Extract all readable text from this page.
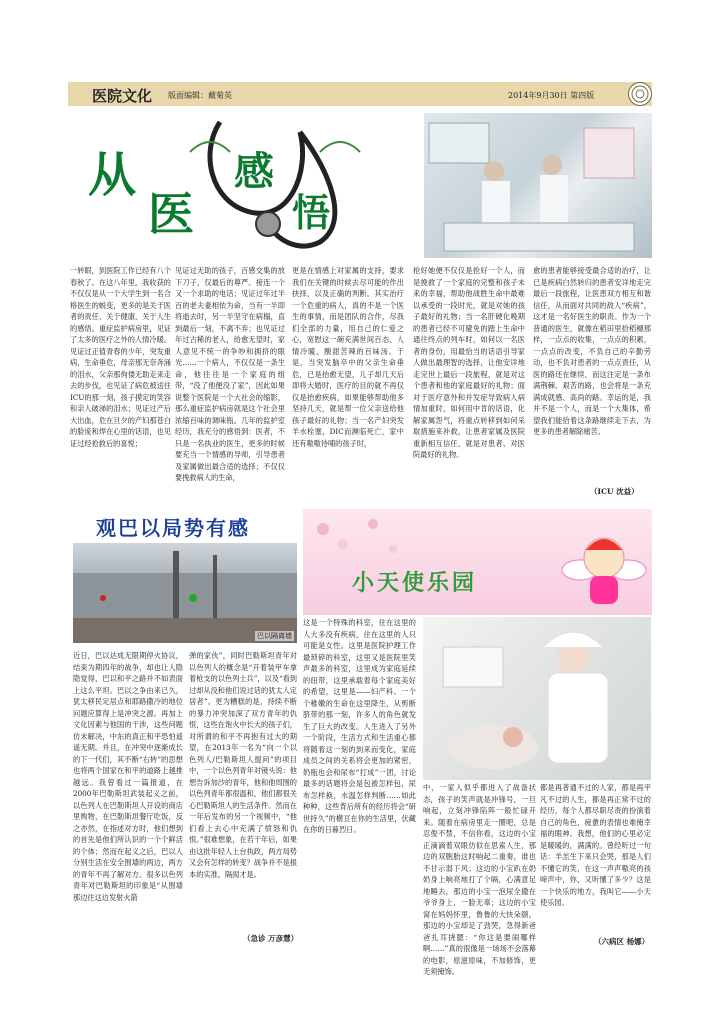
医院文化 版面编辑：戴菊英	2014年9月30日 第四版
从
医
感
悟
一转眼，到医院工作已经有八个春秋了。在这八年里，我收获的不仅仅是从一个大学生到一名合格医生的蜕变，更多的是关于医者的责任、关于健康、关于人生的感悟。重症监护病房里，见证了太多的医疗之外的人情冷暖。见证过正值青春的少年，突发重病，生命垂危，母亲那无奈奔涌的泪水，父亲那佝偻无助走来走去的步伐，也见证了病危被送往ICU的那一刻，孩子摸定的笑容和亲人破涕的泪水；见证过产后大出血，危在旦夕的产妇那苍白的脸庞和焊在心里的话语，也见证过经抢救后的喜悦；
见证过无助的孩子，百感交集的放下刀子，仅最后的尊严。接连一个又一个求助的电话；见证过年过半百的老夫妻相依为命，当有一半即将逝去时，另一半坚守在病榻，直到最后一刻，不离不弃；也见证过年过古稀的老人，给愈无望时，家人意见不统一的争吵和拥挤的眼光……一个病人，不仅仅是一条生命，他往往是一个家庭的组带，“没了他便没了家”，因此如果说整个医院是一个大社会的缩影，那么重症监护病房就是这个社会里浓缩百味的调味瓶。几年的监护室经历，我充分的感悟到：医者，不只是一名执业的医生，更多的时候要充当一个情感的导师，引导患者及家属做出最合适的选择；不仅仅要挽救病人的生命，
更是在情感上对家属的支持，要求我们在关键的时候去尽可能的作出抉择，以及正确的判断。其实治疗一个危重的病人，真的不是一个医生的事情，而是团队的合作，尽我们全部的力量，用自己的仁爱之心，宽慰这一碗充满世间百态、人情冷暖、酸甜苦辣的百味汤。于是，当突发脑卒中的父亲生命垂危，已是抬愈无望，儿子却几天后即将大婚时，医疗的目的就不再仅仅是抬愈疾病，如果能够帮助他多坚持几天，就是帮一位父亲送给他孩子最好的礼物；当一名产妇突发羊水栓塞，DIC而濒临死亡，家中还有嗷嗷待哺的孩子时，
抢好她便不仅仅是抢好一个人，而是挽救了一个家庭的完整和孩子未来的幸福，帮助他战胜生命中最难以承受的一段时光，就是对她的孩子最好的礼物；当一名肝硬化晚期的患者已经不可避免的踏上生命中通往终点的列车时，如何以一名医者的身份，用最恰当的话语引导家人做出最理智的选择，让他安详地走完世上最后一段旅程，就是对这个患者和他的家庭最好的礼物；面对于医疗意外和并发症导致病人病情加重时，如何用中肯的话语，化解家属怨气，将重点转移到如何采取措施来补救，让患者家属及医院重新相互信任，就是对患者、对医院最好的礼物。
愈的患者能够接受最合适的治疗，让已是疾病白然转归的患者安详地走完最后一段旅程，让医患双方相互和谐信任，从而面对共同的敌人“疾病”，这才是一名好医生的职责。作为一个普通的医生，就像在稻田里拾稻穗那样，一点点的收集，一点点的积累，一点点的改变，不负自己的辛勤劳动，也不负对患者的一点点责任，从医的路还在继续，而这注定是一条布满荆棘、艰苦的路，也会将是一条充满成就感、高尚的路。幸运的是，我并不是一个人，而是一个大集体，希望我们能拾着这条路继续走下去，为更多的患者解除痛苦。
（ICU 沈益）
观巴以局势有感
巴以隔离墙
近日，巴以达成无限期停火协议，结束为期四年的战争，却也让人隐隐觉得，巴以和平之路并不如表面上这么平坦。巴以之争由来已久，犹太移民定居点和耶路撒冷的地位问题应算得上是冲突之源。再加上文化因素与他国的干涉，这些问题仿未解决，中东的真正和平恐怕遥遥无期。并且，在冲突中逐渐成长的下一代们，其不断“右转”的思想也将两个国家在和平的道路上越推越远。我曾看过一篇报道，在2000年巴勒斯坦武装起义之前，以色列人在巴勒斯坦人开设的商店里购物，在巴勒斯坦餐厅吃饭，反之亦然，在指述对方时，他们想到的首先是他们所认识的一个个鲜活的个体；然而在起义之后，巴以人分别生活在安全围墙的两边，两方的青年不再了解对方。很多以色列青年对巴勒斯坦的印象是“从围墙那边往这边发射火箭
弹的家伙”，同时巴勒斯坦青年对以色列人的概念是“开着装甲车拿着枪支的以色列士兵”，以及“看到过却从没和他们说过话的犹太人定居者”。更为糟糕的是，持续不断的暴力冲突加深了双方青年的仇恨，这些在饱火中长大的孩子们，对所谓的和平不再抱有过大的期望，在2013年一名为“向一个以色列人/巴勒斯坦人提问”的项目中，一个以色列青年对镜头说：他想告诉加沙的青年，他和他周围的以色列青年都很温和，他们都很关心巴勒斯坦人的生活条件。然而在一年后发布的另一个视频中，“他们看上去心中充满了愤怒和仇恨。”很难想象，在若干年后，如果由这批年轻人上台执政，两方局势又会有怎样的转变？战争并不是根本的实准，隔阂才是。
（急诊 万彦慧）
小天使乐园
这是一个特殊的科室，住在这里的人大多没有疾病，住在这里的人只可能是女性。这里是医院护理工作最琐碎的科室，这里又是医院里笑声最多的科室，这里成为家庭延续的纽带，这里承载着每个家庭美好的希望，这里是——妇产科。一个个稚嫩的生命在这里降生，从剪断脐带的那一刻，许多人的角色就发生了巨大的改变。人生进入了另外一个阶段，生活方式和生活重心都将随着这一刻的到来而变化，家庭成员之间的关系将会更加的紧密，奶瓶也会和尿布“打成”一团，讨论最多的话题将会是包被怎样包，尿布怎样换，水温怎样判断……如此种种，这些背后所有的经历将会“研世持久”的横亘在你的生活里，伏藏在你的日暮烈日。
中，一家人似乎都进入了战备状态，孩子的笑声就是冲锋号，一旦响起，立刻冲锋陷阵一般忙碌开来。随着在病房里走一圈吧，总是忍俊不禁，不信你看，这边的小宝正滴滴着双眼仿似在思索人生，那边的双胞胎这时响起二重奏，谁也不甘示弱下风；这边的小宝趴在奶奶身上响亮地打了个嗝，心满意足地睡去，那边的小宝一泡尿全撒在爷爷身上，一脸无辜；这边的小宝窝在妈妈怀里，鲁鲁的大快朵颐，那边的小宝却足了劲哭，急得新爸爸扎耳挠腮：“你这是要闹哪样啊……”真的很像是一场场不会落幕的电影，原滋原味，不加修饰，更无须掩饰。
都是再普通不过的人家，都是再平凡不过的人生，都是再正常不过的经历，每个人都尽职尽责的扮演着自己的角色，疲惫的表情也难掩幸福的眼神。我想，他们的心里必定是暖暖的，满满的。曾经听过一句话：羊羔生下来只会哭，那是人们不懂它的笑，在这一声声嗷亮的孩啼声中，你，又听懂了多少？这是一个快乐的地方，我叫它——小天使乐园。
（六病区 杨娜）
